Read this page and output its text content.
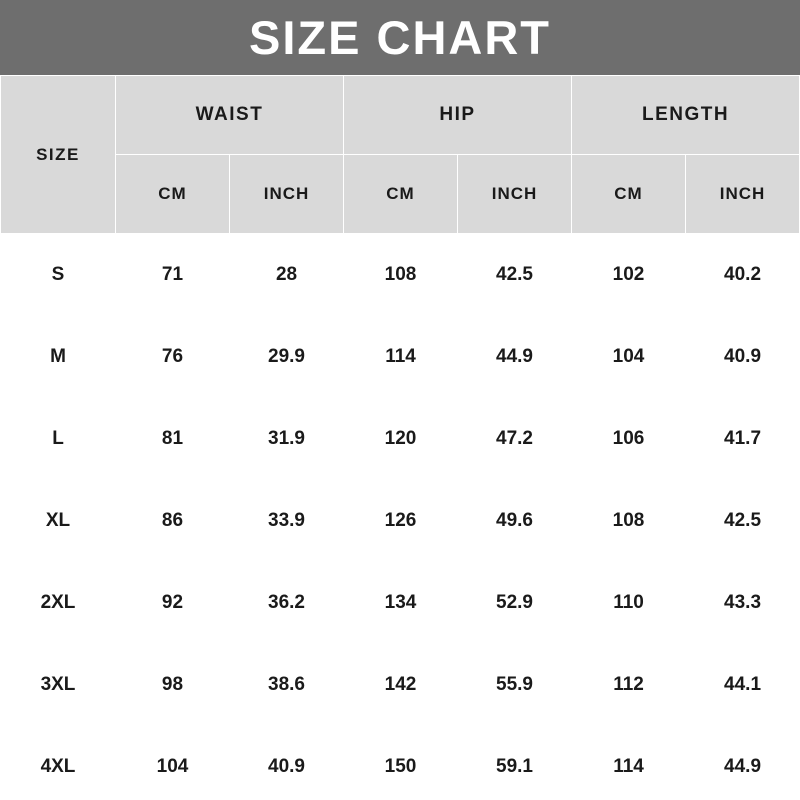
SIZE CHART
SIZE	WAIST		HIP		LENGTH	
	CM	INCH	CM	INCH	CM	INCH
S	71	28	108	42.5	102	40.2
M	76	29.9	114	44.9	104	40.9
L	81	31.9	120	47.2	106	41.7
XL	86	33.9	126	49.6	108	42.5
2XL	92	36.2	134	52.9	110	43.3
3XL	98	38.6	142	55.9	112	44.1
4XL	104	40.9	150	59.1	114	44.9
